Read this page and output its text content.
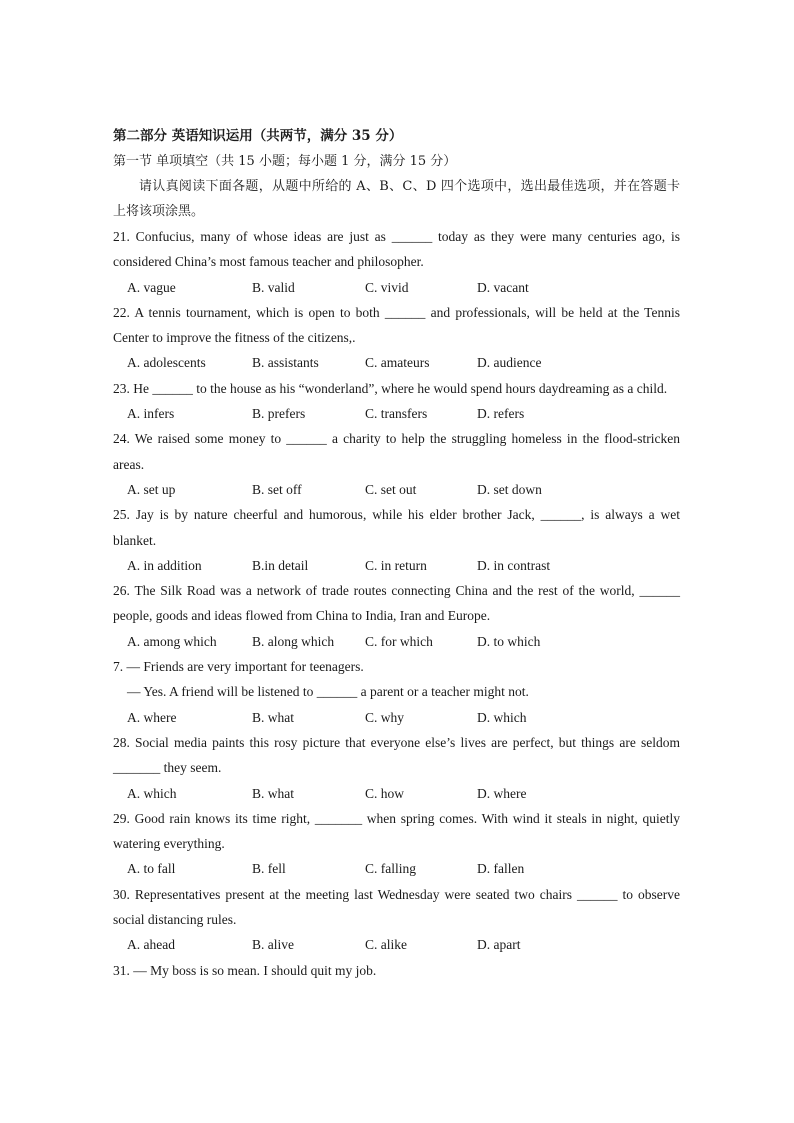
第二部分 英语知识运用（共两节，满分 35 分）
第一节 单项填空（共 15 小题；每小题 1 分，满分 15 分）
请认真阅读下面各题，从题中所给的 A、B、C、D 四个选项中，选出最佳选项，并在答题卡上将该项涂黑。
21. Confucius, many of whose ideas are just as ______ today as they were many centuries ago, is considered China’s most famous teacher and philosopher.
A. vague	B. valid	C. vivid	D. vacant
22. A tennis tournament, which is open to both ______ and professionals, will be held at the Tennis Center to improve the fitness of the citizens,.
A. adolescents	B. assistants	C. amateurs	D. audience
23. He ______ to the house as his “wonderland”, where he would spend hours daydreaming as a child.
A. infers	B. prefers	C. transfers	D. refers
24. We raised some money to ______ a charity to help the struggling homeless in the flood-stricken areas.
A. set up	B. set off	C. set out	D. set down
25. Jay is by nature cheerful and humorous, while his elder brother Jack, ______, is always a wet blanket.
A. in addition	B.in detail	C. in return	D. in contrast
26. The Silk Road was a network of trade routes connecting China and the rest of the world, ______ people, goods and ideas flowed from China to India, Iran and Europe.
A. among which	B. along which C. for which	D. to which
7. — Friends are very important for teenagers.
— Yes. A friend will be listened to ______ a parent or a teacher might not.
A. where	B. what	C. why	D. which
28. Social media paints this rosy picture that everyone else’s lives are perfect, but things are seldom _______ they seem.
A. which	B. what	C. how	D. where
29. Good rain knows its time right, _______ when spring comes. With wind it steals in night, quietly watering everything.
A. to fall	B. fell	C. falling	D. fallen
30. Representatives present at the meeting last Wednesday were seated two chairs ______ to observe social distancing rules.
A. ahead	B. alive	C. alike	D. apart
31. — My boss is so mean. I should quit my job.
